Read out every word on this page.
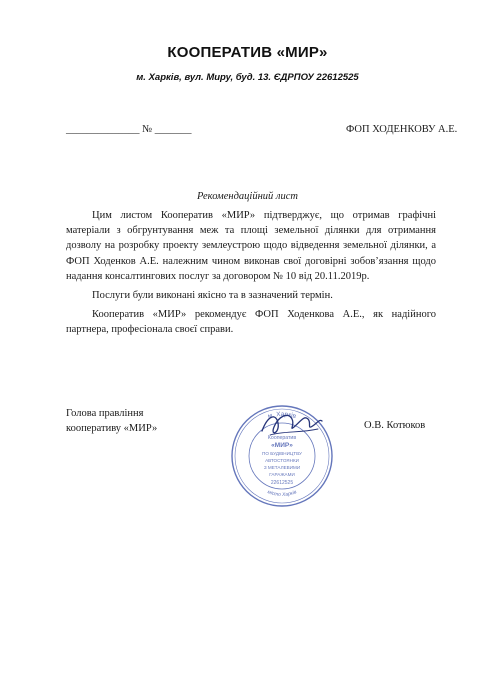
КООПЕРАТИВ «МИР»
м. Харків, вул. Миру, буд. 13. ЄДРПОУ 22612525
______________ № _______	ФОП ХОДЕНКОВУ А.Е.
Рекомендаційний лист

Цим листом Кооператив «МИР» підтверджує, що отримав графічні матеріали з обгрунтування меж та площі земельної ділянки для отримання дозволу на розробку проекту землеустрою щодо відведення земельної ділянки, а ФОП Ходенков А.Е. належним чином виконав свої договірні зобов’язання щодо надання консалтингових послуг за договором № 10 від 20.11.2019р.

Послуги були виконані якісно та в зазначений термін.

Кооператив «МИР» рекомендує ФОП Ходенкова А.Е., як надійного партнера, професіонала своєї справи.

Голова правління
кооперативу «МИР»	О.В. Котюков
м. Харків
місто Харків
Кооператив
«МИР»
ПО БУДІВНИЦТВУ
АВТОСТОЯНКИ
З МЕТАЛЕВИМИ
ГАРАЖАМИ
22612525
